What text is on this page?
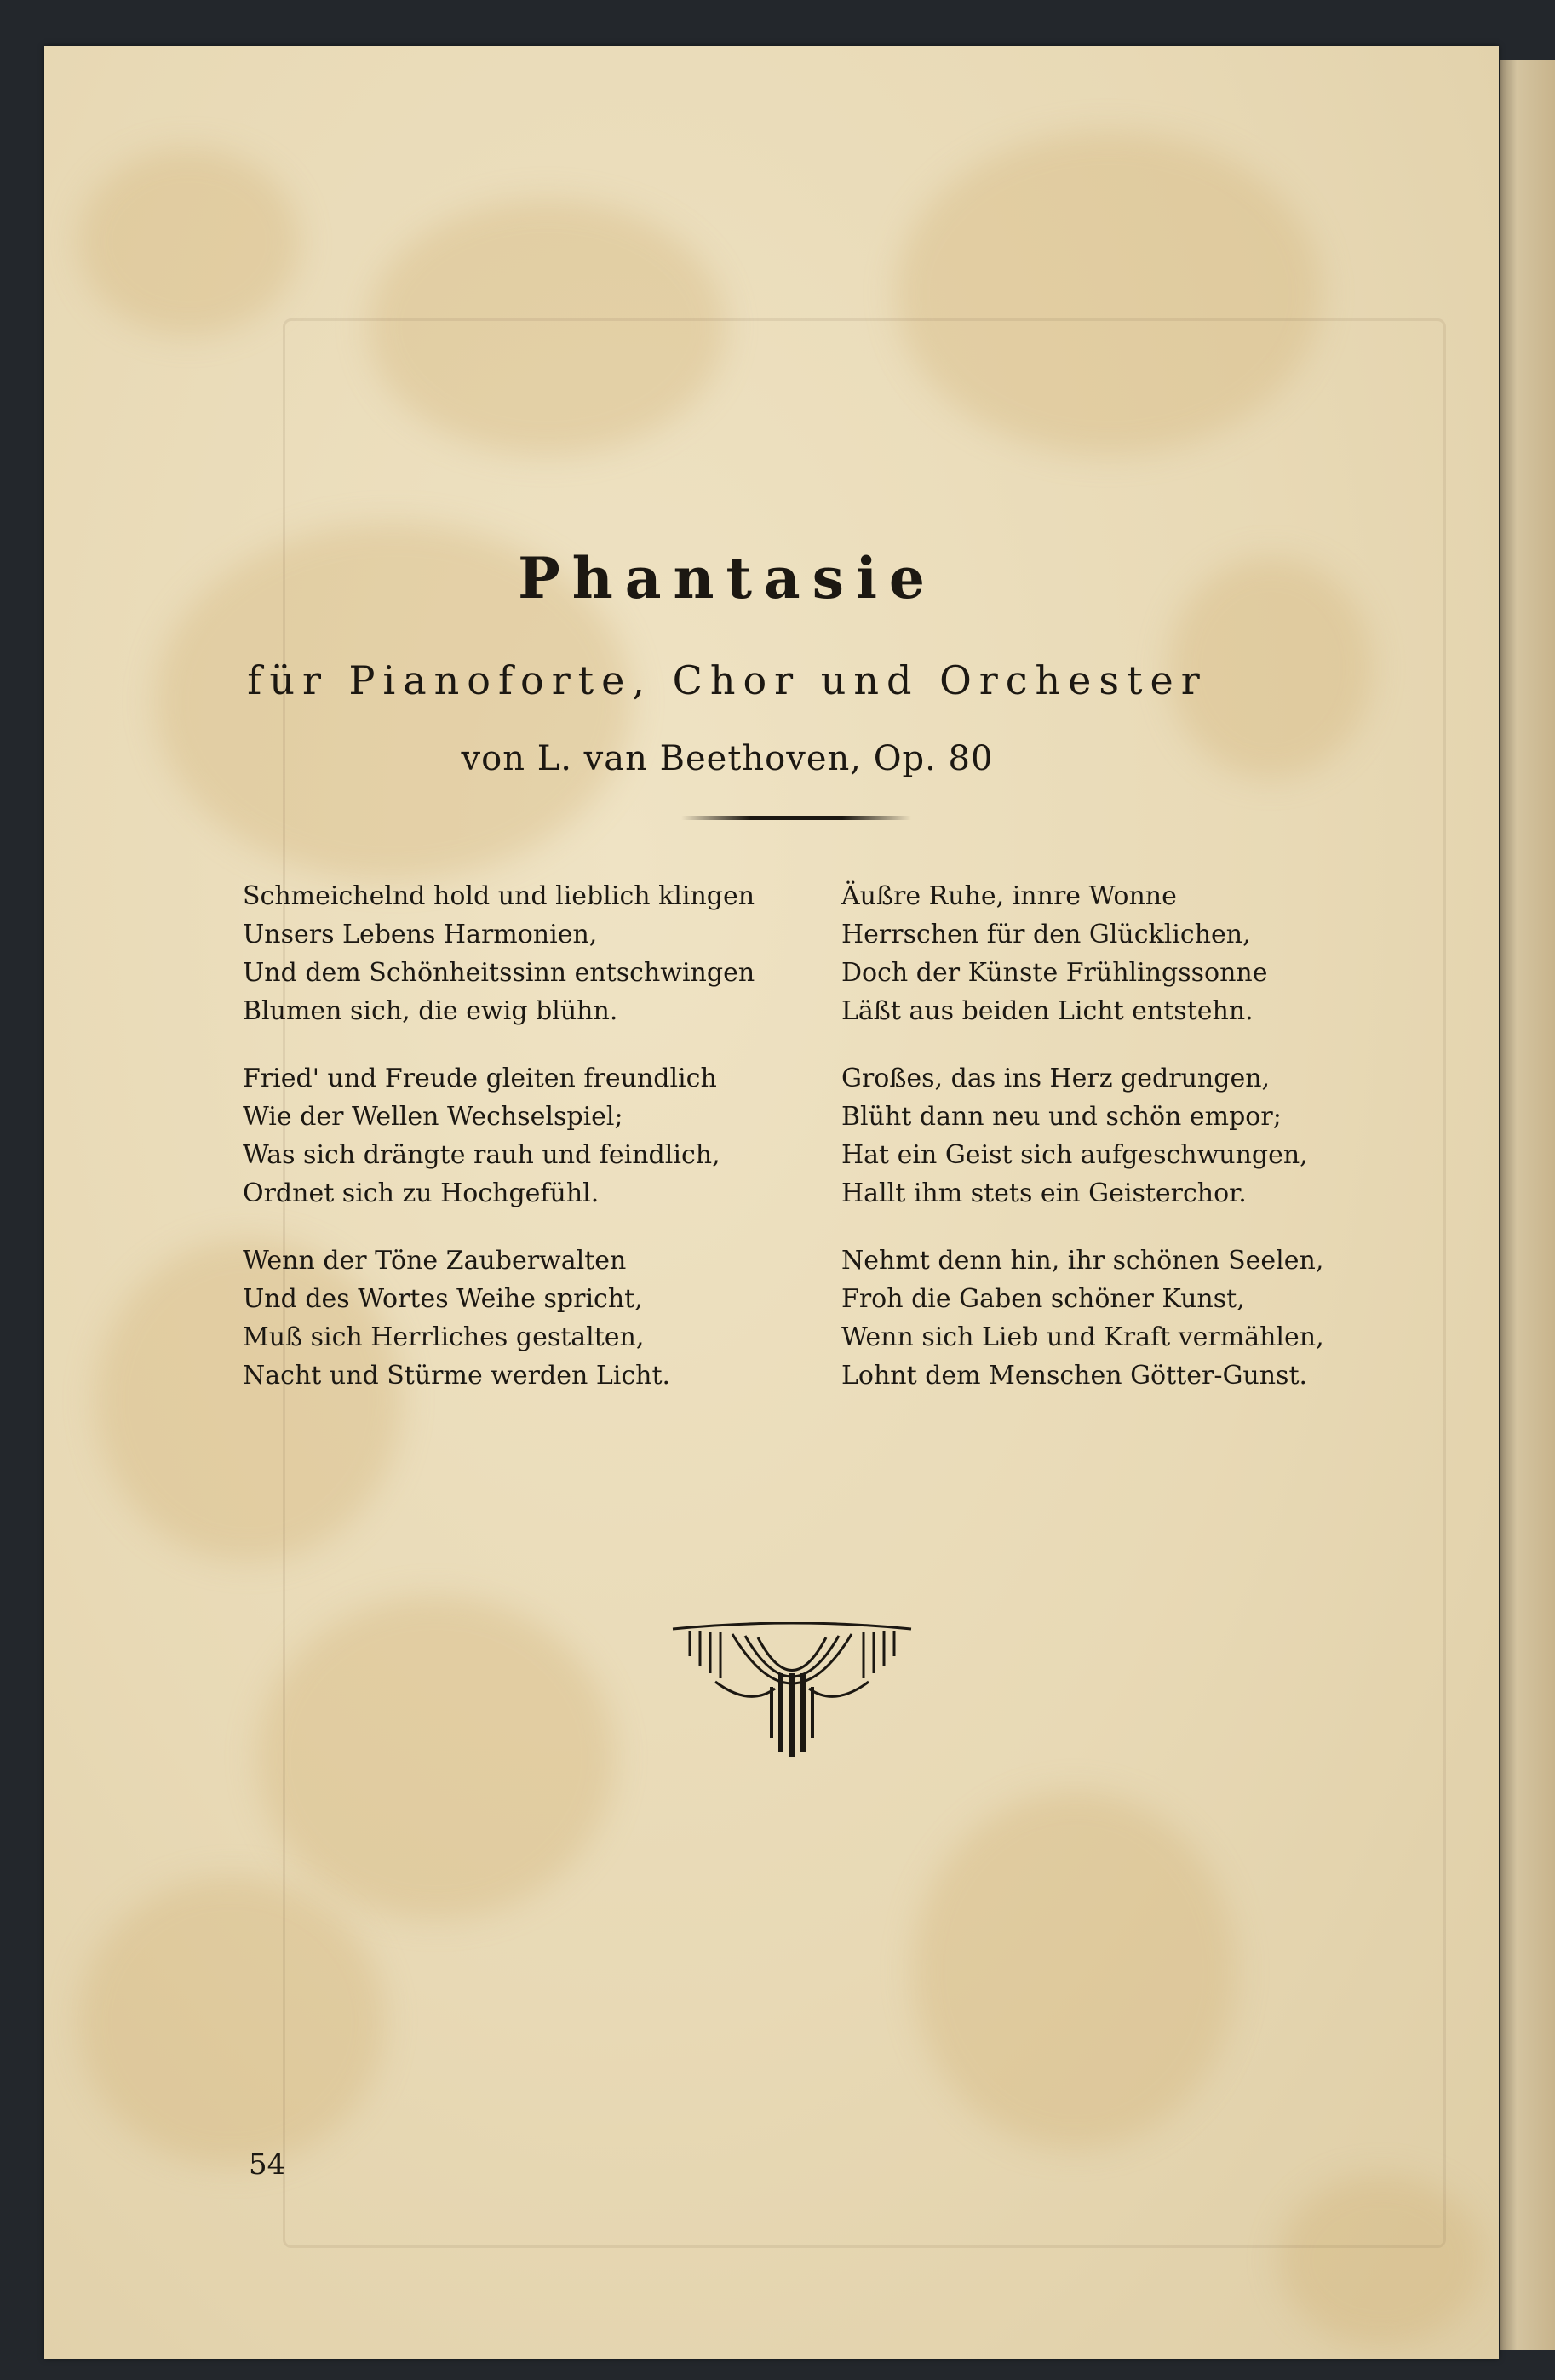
Phantasie
für Pianoforte, Chor und Orchester
von L. van Beethoven, Op. 80
Schmeichelnd hold und lieblich klingen
Unsers Lebens Harmonien,
Und dem Schönheitssinn entschwingen
Blumen sich, die ewig blühn.
Fried' und Freude gleiten freundlich
Wie der Wellen Wechselspiel;
Was sich drängte rauh und feindlich,
Ordnet sich zu Hochgefühl.
Wenn der Töne Zauberwalten
Und des Wortes Weihe spricht,
Muß sich Herrliches gestalten,
Nacht und Stürme werden Licht.
Äußre Ruhe, innre Wonne
Herrschen für den Glücklichen,
Doch der Künste Frühlingssonne
Läßt aus beiden Licht entstehn.
Großes, das ins Herz gedrungen,
Blüht dann neu und schön empor;
Hat ein Geist sich aufgeschwungen,
Hallt ihm stets ein Geisterchor.
Nehmt denn hin, ihr schönen Seelen,
Froh die Gaben schöner Kunst,
Wenn sich Lieb und Kraft vermählen,
Lohnt dem Menschen Götter-Gunst.
54
